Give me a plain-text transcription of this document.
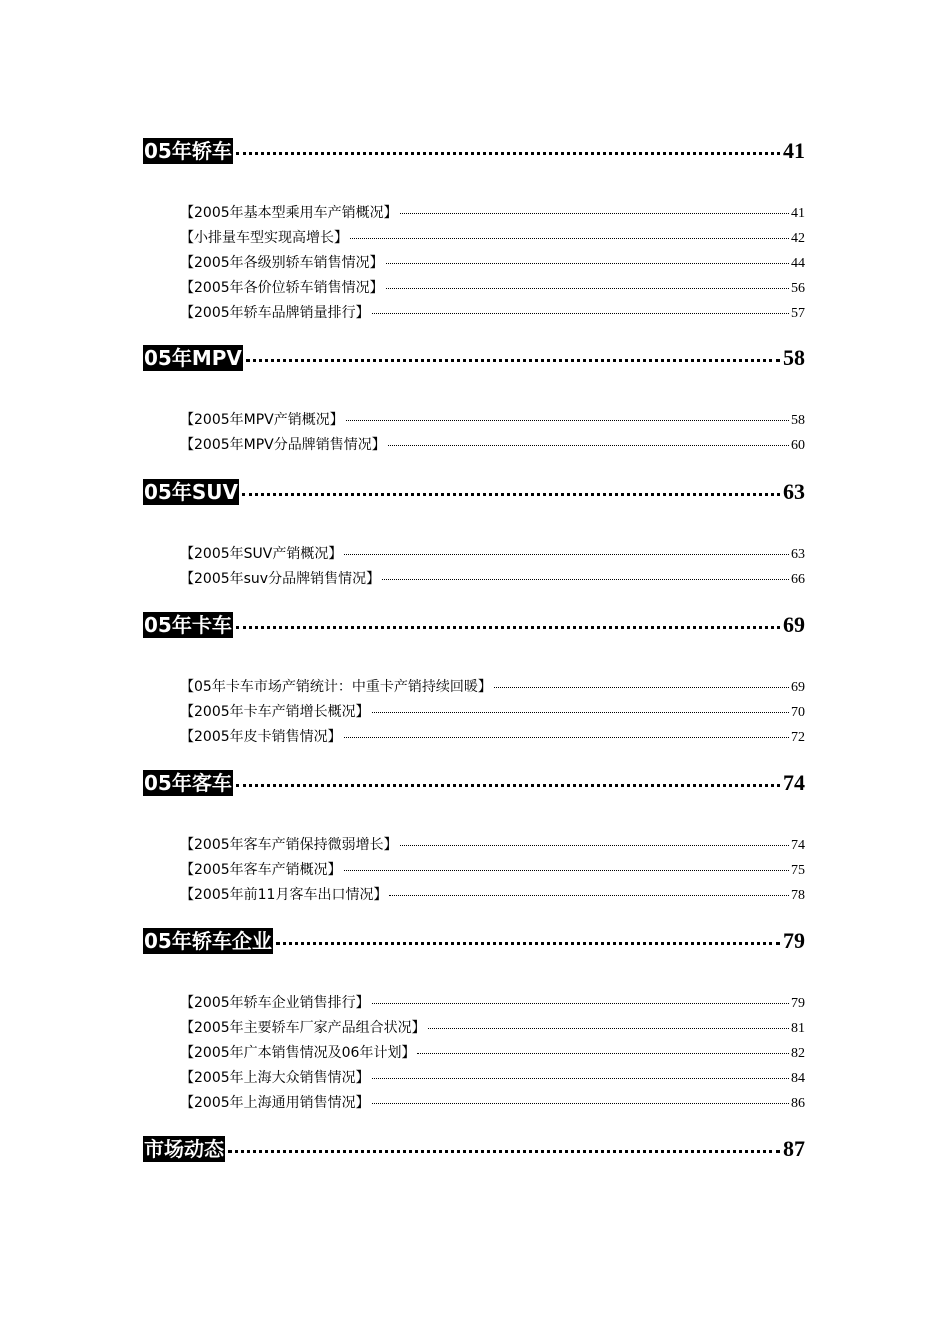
05年轿车	41
【2005年基本型乘用车产销概况】	41
【小排量车型实现高增长】	42
【2005年各级别轿车销售情况】	44
【2005年各价位轿车销售情况】	56
【2005年轿车品牌销量排行】	57
05年MPV	58
【2005年MPV产销概况】	58
【2005年MPV分品牌销售情况】	60
05年SUV	63
【2005年SUV产销概况】	63
【2005年suv分品牌销售情况】	66
05年卡车	69
【05年卡车市场产销统计：中重卡产销持续回暖】	69
【2005年卡车产销增长概况】	70
【2005年皮卡销售情况】	72
05年客车	74
【2005年客车产销保持微弱增长】	74
【2005年客车产销概况】	75
【2005年前11月客车出口情况】	78
05年轿车企业	79
【2005年轿车企业销售排行】	79
【2005年主要轿车厂家产品组合状况】	81
【2005年广本销售情况及06年计划】	82
【2005年上海大众销售情况】	84
【2005年上海通用销售情况】	86
市场动态	87
